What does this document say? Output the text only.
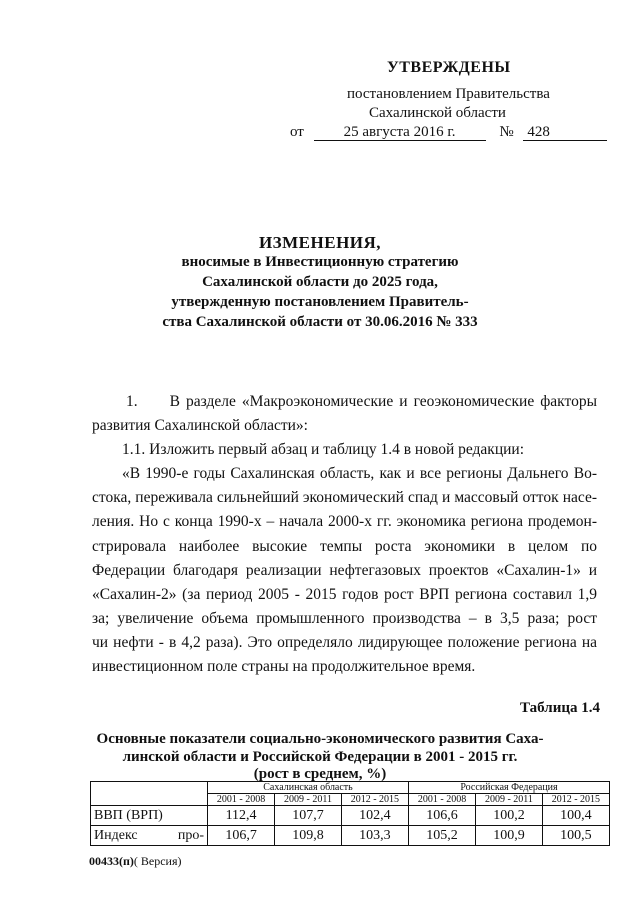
УТВЕРЖДЕНЫ
постановлением Правительства
Сахалинской области
от	25 августа 2016 г.	№ 428
ИЗМЕНЕНИЯ,
вносимые в Инвестиционную стратегию
Сахалинской области до 2025 года,
утвержденную постановлением Правитель-
ства Сахалинской области от 30.06.2016 № 333
1. В разделе «Макроэкономические и геоэкономические факторы
развития Сахалинской области»:
1.1. Изложить первый абзац и таблицу 1.4 в новой редакции:
«В 1990-е годы Сахалинская область, как и все регионы Дальнего Во-
стока, переживала сильнейший экономический спад и массовый отток насе-
ления. Но с конца 1990-х – начала 2000-х гг. экономика региона продемон-
стрировала наиболее высокие темпы роста экономики в целом по
Федерации благодаря реализации нефтегазовых проектов «Сахалин-1» и
«Сахалин-2» (за период 2005 - 2015 годов рост ВРП региона составил 1,9
за; увеличение объема промышленного производства – в 3,5 раза; рост
чи нефти - в 4,2 раза). Это определяло лидирующее положение региона на
инвестиционном поле страны на продолжительное время.
Таблица 1.4
Основные показатели социально-экономического развития Саха-
линской области и Российской Федерации в 2001 - 2015 гг.
(рост в среднем, %)
	Сахалинская область			Российская Федерация		
	2001 - 2008	2009 - 2011	2012 - 2015	2001 - 2008	2009 - 2011	2012 - 2015
ВВП (ВРП)	112,4	107,7	102,4	106,6	100,2	100,4

Индекс про-	106,7	109,8	103,3	105,2	100,9	100,5
00433(п)( Версия)
